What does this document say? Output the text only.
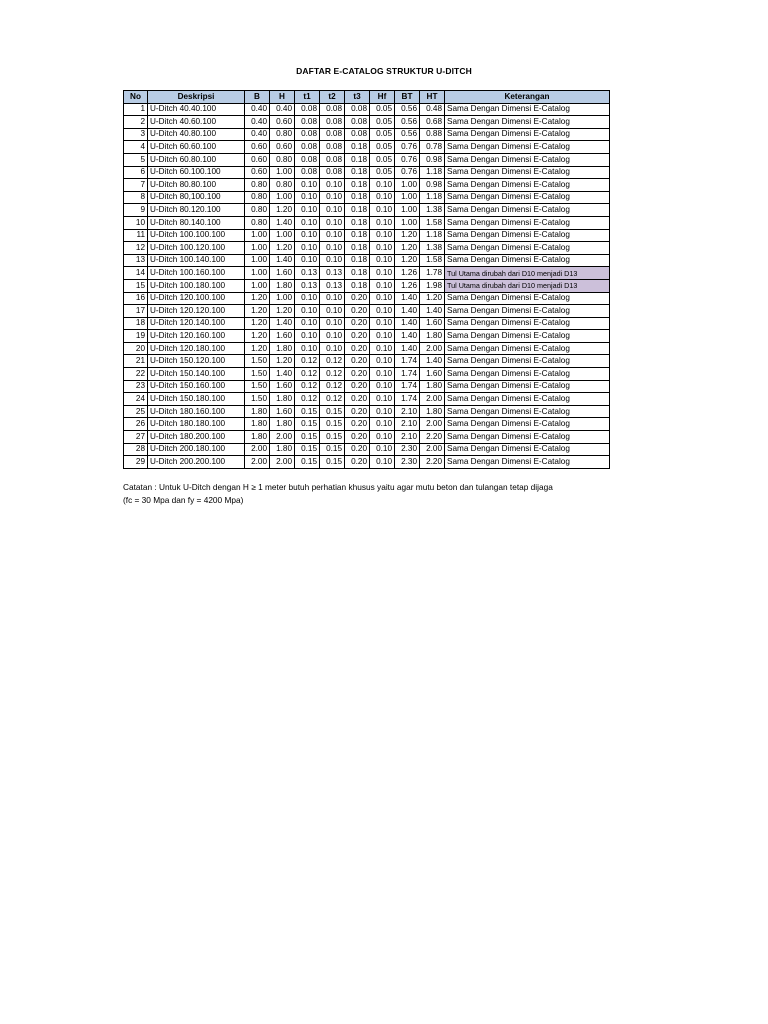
DAFTAR E-CATALOG STRUKTUR U-DITCH
No	Deskripsi	B	H	t1	t2	t3	Hf	BT	HT	Keterangan
1	U-Ditch 40.40.100	0.40	0.40	0.08	0.08	0.08	0.05	0.56	0.48	Sama Dengan Dimensi E-Catalog
2	U-Ditch 40.60.100	0.40	0.60	0.08	0.08	0.08	0.05	0.56	0.68	Sama Dengan Dimensi E-Catalog
3	U-Ditch 40.80.100	0.40	0.80	0.08	0.08	0.08	0.05	0.56	0.88	Sama Dengan Dimensi E-Catalog
4	U-Ditch 60.60.100	0.60	0.60	0.08	0.08	0.18	0.05	0.76	0.78	Sama Dengan Dimensi E-Catalog
5	U-Ditch 60.80.100	0.60	0.80	0.08	0.08	0.18	0.05	0.76	0.98	Sama Dengan Dimensi E-Catalog
6	U-Ditch 60.100.100	0.60	1.00	0.08	0.08	0.18	0.05	0.76	1.18	Sama Dengan Dimensi E-Catalog
7	U-Ditch 80.80.100	0.80	0.80	0.10	0.10	0.18	0.10	1.00	0.98	Sama Dengan Dimensi E-Catalog
8	U-Ditch 80,100.100	0.80	1.00	0.10	0.10	0.18	0.10	1.00	1.18	Sama Dengan Dimensi E-Catalog
9	U-Ditch 80.120.100	0.80	1.20	0.10	0.10	0.18	0.10	1.00	1.38	Sama Dengan Dimensi E-Catalog
10	U-Ditch 80.140.100	0.80	1.40	0.10	0.10	0.18	0.10	1.00	1.58	Sama Dengan Dimensi E-Catalog
11	U-Ditch 100.100.100	1.00	1.00	0.10	0.10	0.18	0.10	1.20	1.18	Sama Dengan Dimensi E-Catalog
12	U-Ditch 100.120.100	1.00	1.20	0.10	0.10	0.18	0.10	1.20	1.38	Sama Dengan Dimensi E-Catalog
13	U-Ditch 100.140.100	1.00	1.40	0.10	0.10	0.18	0.10	1.20	1.58	Sama Dengan Dimensi E-Catalog
14	U-Ditch 100.160.100	1.00	1.60	0.13	0.13	0.18	0.10	1.26	1.78	Tul Utama dirubah dari D10 menjadi D13
15	U-Ditch 100.180.100	1.00	1.80	0.13	0.13	0.18	0.10	1.26	1.98	Tul Utama dirubah dari D10 menjadi D13
16	U-Ditch 120.100.100	1.20	1.00	0.10	0.10	0.20	0.10	1.40	1.20	Sama Dengan Dimensi E-Catalog
17	U-Ditch 120.120.100	1.20	1.20	0.10	0.10	0.20	0.10	1.40	1.40	Sama Dengan Dimensi E-Catalog
18	U-Ditch 120.140.100	1.20	1.40	0.10	0.10	0.20	0.10	1.40	1.60	Sama Dengan Dimensi E-Catalog
19	U-Ditch 120.160.100	1.20	1.60	0.10	0.10	0.20	0.10	1.40	1.80	Sama Dengan Dimensi E-Catalog
20	U-Ditch 120.180.100	1.20	1.80	0.10	0.10	0.20	0.10	1.40	2.00	Sama Dengan Dimensi E-Catalog
21	U-Ditch 150.120.100	1.50	1.20	0.12	0.12	0.20	0.10	1.74	1.40	Sama Dengan Dimensi E-Catalog
22	U-Ditch 150.140.100	1.50	1.40	0.12	0.12	0.20	0.10	1.74	1.60	Sama Dengan Dimensi E-Catalog
23	U-Ditch 150.160.100	1.50	1.60	0.12	0.12	0.20	0.10	1.74	1.80	Sama Dengan Dimensi E-Catalog
24	U-Ditch 150.180.100	1.50	1.80	0.12	0.12	0.20	0.10	1.74	2.00	Sama Dengan Dimensi E-Catalog
25	U-Ditch 180.160.100	1.80	1.60	0.15	0.15	0.20	0.10	2.10	1.80	Sama Dengan Dimensi E-Catalog
26	U-Ditch 180.180.100	1.80	1.80	0.15	0.15	0.20	0.10	2.10	2.00	Sama Dengan Dimensi E-Catalog
27	U-Ditch 180.200.100	1.80	2.00	0.15	0.15	0.20	0.10	2.10	2.20	Sama Dengan Dimensi E-Catalog
28	U-Ditch 200.180.100	2.00	1.80	0.15	0.15	0.20	0.10	2.30	2.00	Sama Dengan Dimensi E-Catalog
29	U-Ditch 200.200.100	2.00	2.00	0.15	0.15	0.20	0.10	2.30	2.20	Sama Dengan Dimensi E-Catalog
Catatan : Untuk U-Ditch dengan H ≥ 1 meter butuh perhatian khusus yaitu agar mutu beton dan tulangan tetap dijaga
(fc = 30 Mpa dan fy = 4200 Mpa)
